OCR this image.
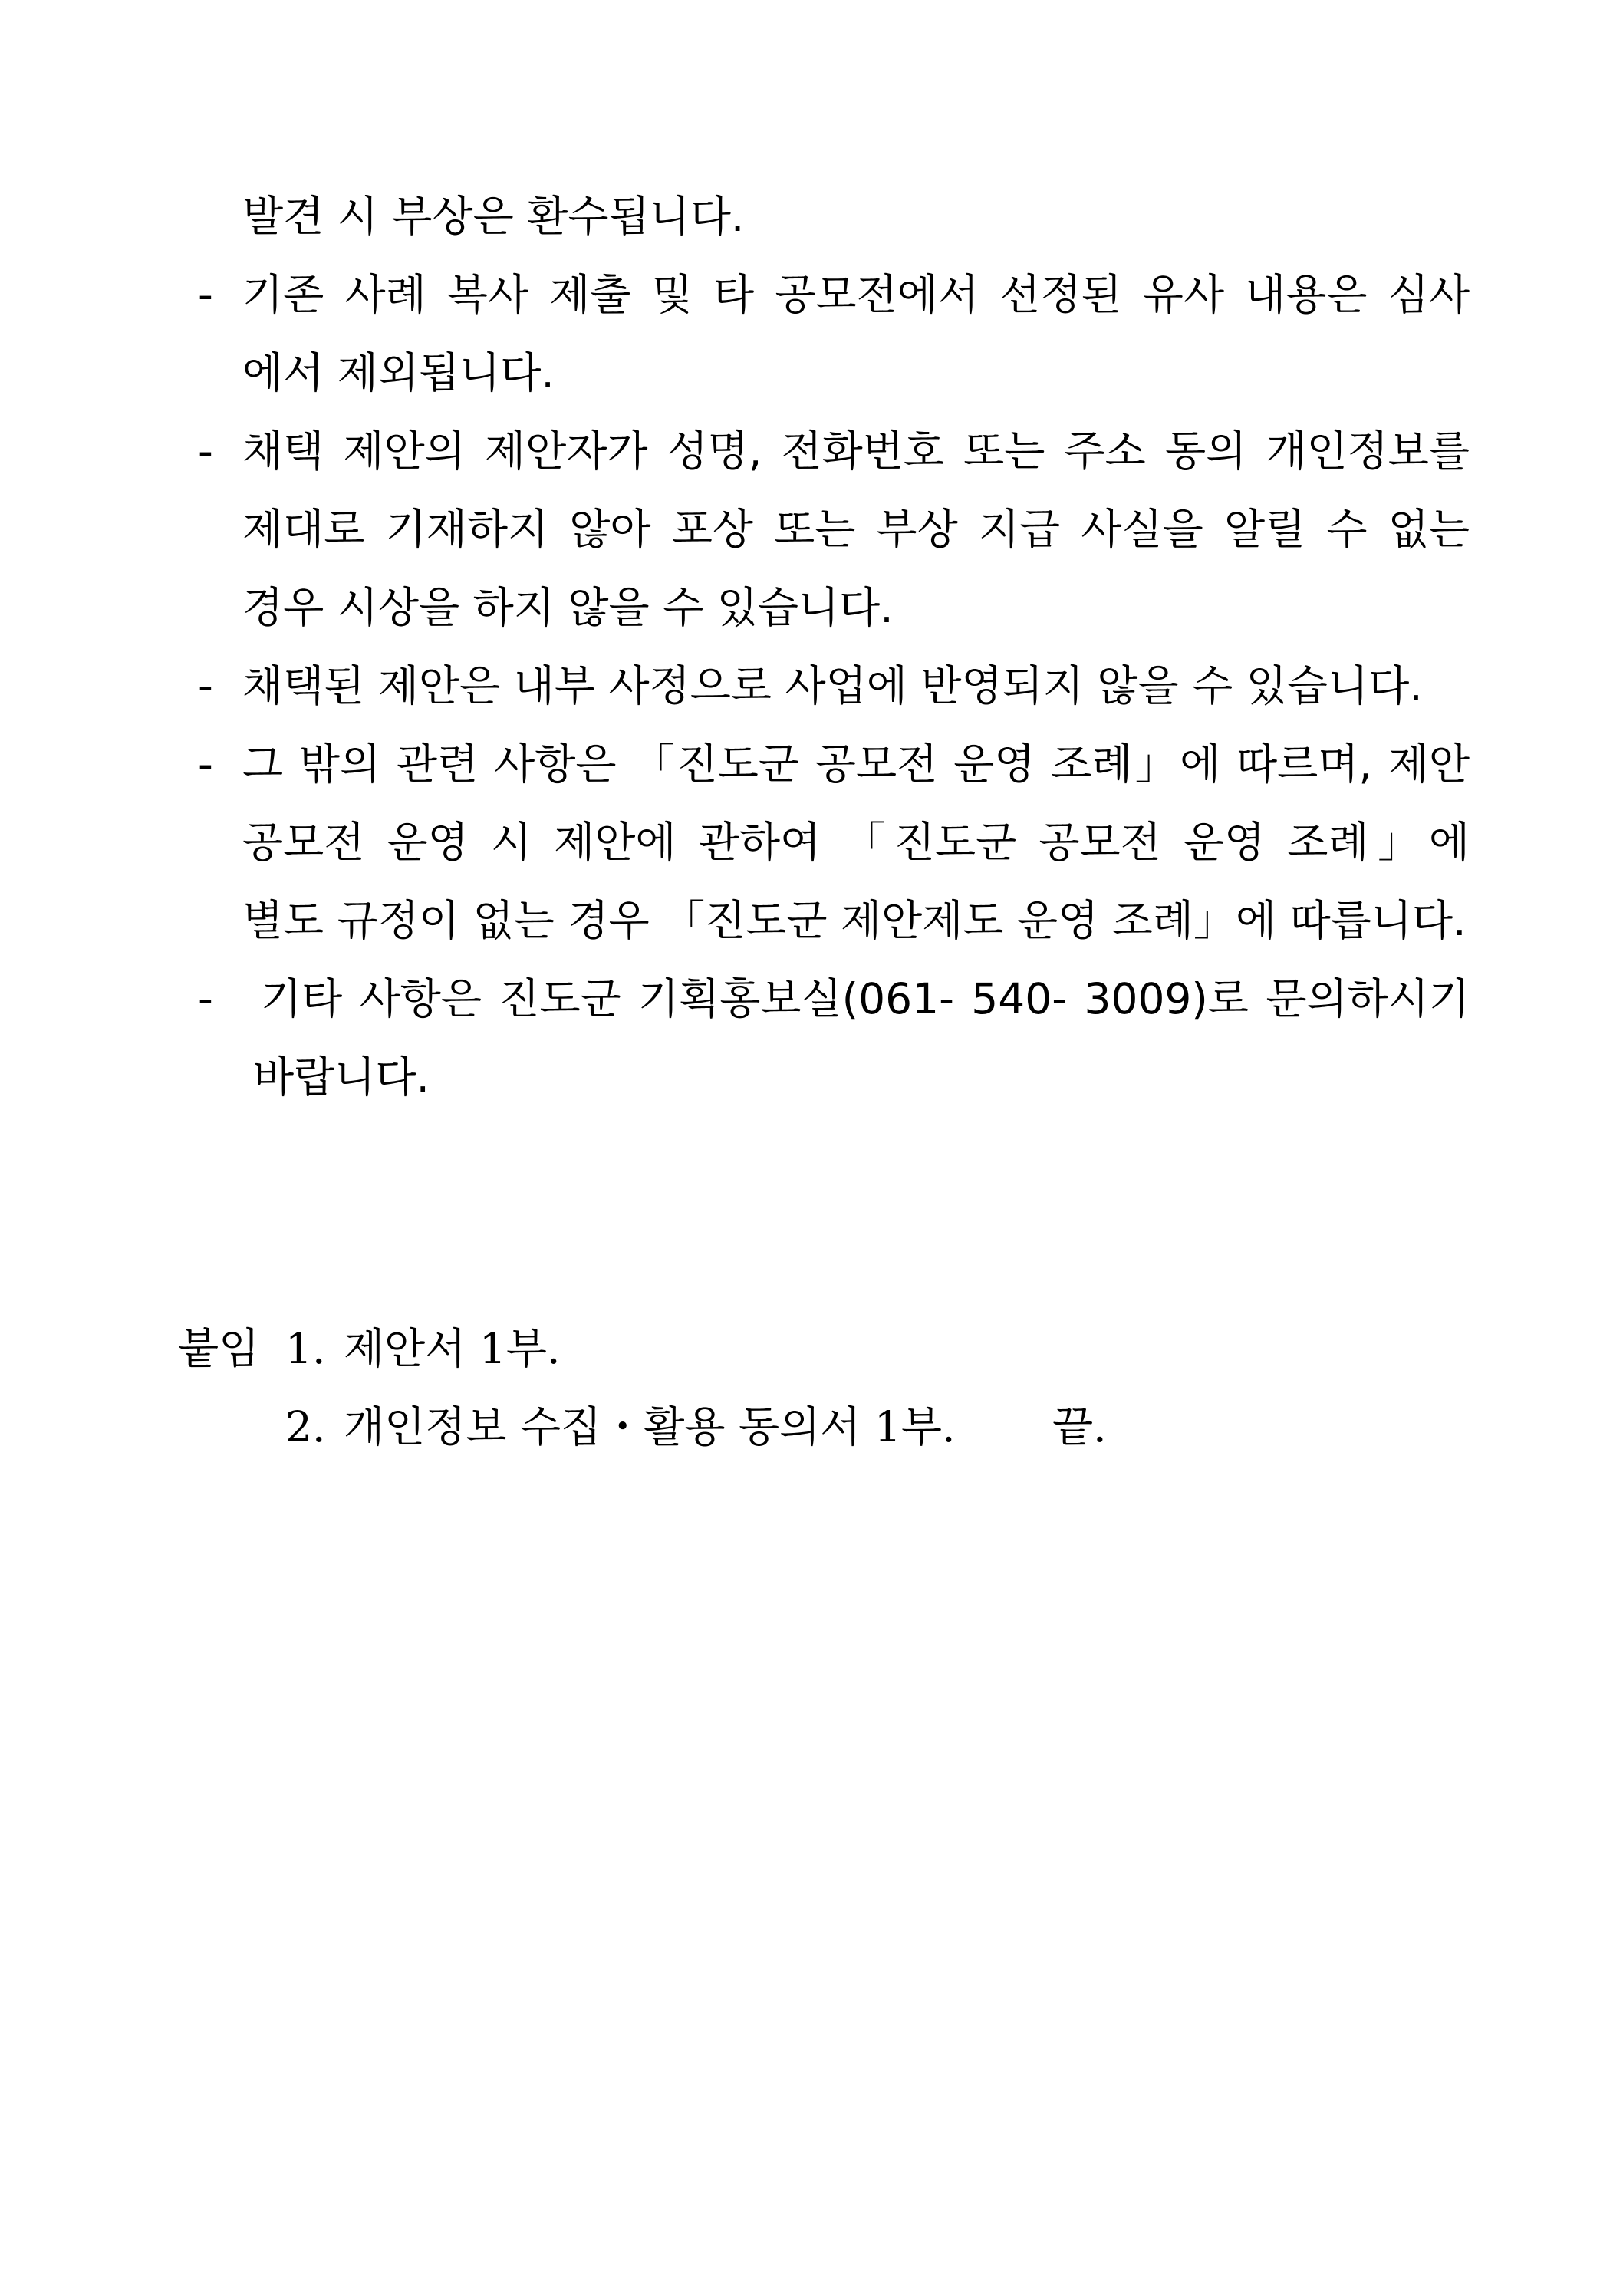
발견 시 부상은 환수됩니다.
- 기존 사례 복사 제출 및 타 공모전에서 선정된 유사 내용은 심사
에서 제외됩니다.
- 채택 제안의 제안자가 성명, 전화번호 또는 주소 동의 개인정보를
제대로 기재하지 않아 포상 또는 부상 지급 사실을 알릴 수 없는
경우 시상을 하지 않을 수 있습니다.
- 채택된 제안은 내부 사정으로 사업에 반영되지 않을 수 있습니다.
- 그 밖의 관련 사항은 「진도군 공모전 운영 조례」에 따르며, 제안
공모전 운영 시 제안에 관하여 「진도군 공모전 운영 조례」에
별도 규정이 없는 경우 「진도군 제안제도 운영 조례」에 따릅니다.
- 기타 사항은 진도군 기획홍보실(061- 540- 3009)로 문의하시기
바랍니다.
붙임 1. 제안서 1부.
2. 개인정보 수집・활용 동의서 1부. 끝.
